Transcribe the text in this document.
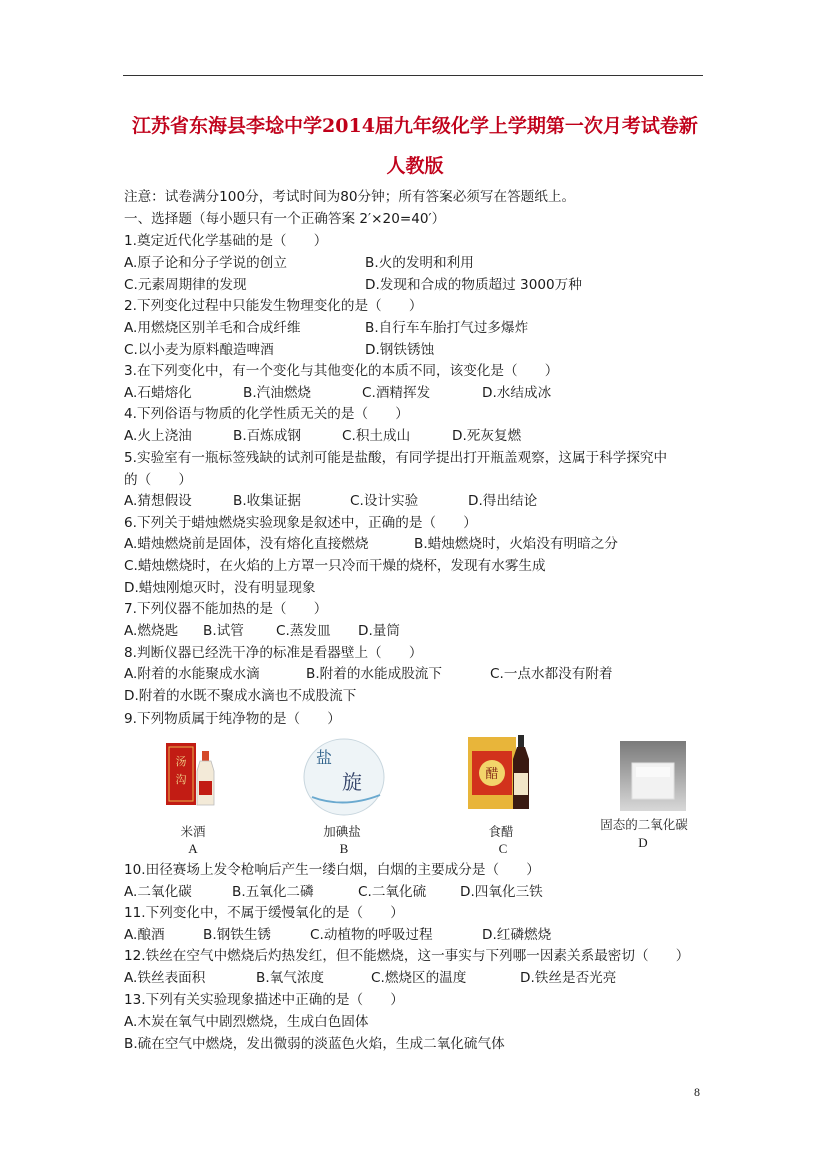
江苏省东海县李埝中学2014届九年级化学上学期第一次月考试卷新
人教版
注意：试卷满分100分，考试时间为80分钟；所有答案必须写在答题纸上。
一、选择题（每小题只有一个正确答案 2′×20=40′）
1.奠定近代化学基础的是（　　）
A.原子论和分子学说的创立	B.火的发明和利用
C.元素周期律的发现	D.发现和合成的物质超过 3000万种
2.下列变化过程中只能发生物理变化的是（　　）
A.用燃烧区别羊毛和合成纤维	B.自行车车胎打气过多爆炸
C.以小麦为原料酿造啤酒	D.钢铁锈蚀
3.在下列变化中，有一个变化与其他变化的本质不同，该变化是（　　）
A.石蜡熔化	B.汽油燃烧	C.酒精挥发	D.水结成冰
4.下列俗语与物质的化学性质无关的是（　　）
A.火上浇油	B.百炼成钢	C.积土成山	D.死灰复燃
5.实验室有一瓶标签残缺的试剂可能是盐酸，有同学提出打开瓶盖观察，这属于科学探究中
的（　　）
A.猜想假设	B.收集证据	C.设计实验	D.得出结论
6.下列关于蜡烛燃烧实验现象是叙述中，正确的是（　　）
A.蜡烛燃烧前是固体，没有熔化直接燃烧	B.蜡烛燃烧时，火焰没有明暗之分
C.蜡烛燃烧时，在火焰的上方罩一只冷而干燥的烧杯，发现有水雾生成
D.蜡烛刚熄灭时，没有明显现象
7.下列仪器不能加热的是（　　）
A.燃烧匙 B.试管 C.蒸发皿 D.量筒
8.判断仪器已经洗干净的标准是看器壁上（　　）
A.附着的水能聚成水滴	B.附着的水能成股流下	C.一点水都没有附着
D.附着的水既不聚成水滴也不成股流下
9.下列物质属于纯净物的是（　　）
汤
沟
米酒
A
盐
旋
加碘盐
B
醋
食醋
C
固态的二氧化碳
D
10.田径赛场上发令枪响后产生一缕白烟，白烟的主要成分是（　　）
A.二氧化碳	B.五氧化二磷	C.二氧化硫 D.四氧化三铁
11.下列变化中，不属于缓慢氧化的是（　　）
A.酿酒	B.钢铁生锈	C.动植物的呼吸过程	D.红磷燃烧
12.铁丝在空气中燃烧后灼热发红，但不能燃烧，这一事实与下列哪一因素关系最密切（　　）
A.铁丝表面积	B.氧气浓度	C.燃烧区的温度	D.铁丝是否光亮
13.下列有关实验现象描述中正确的是（　　）
A.木炭在氧气中剧烈燃烧，生成白色固体
B.硫在空气中燃烧，发出微弱的淡蓝色火焰，生成二氧化硫气体
8
